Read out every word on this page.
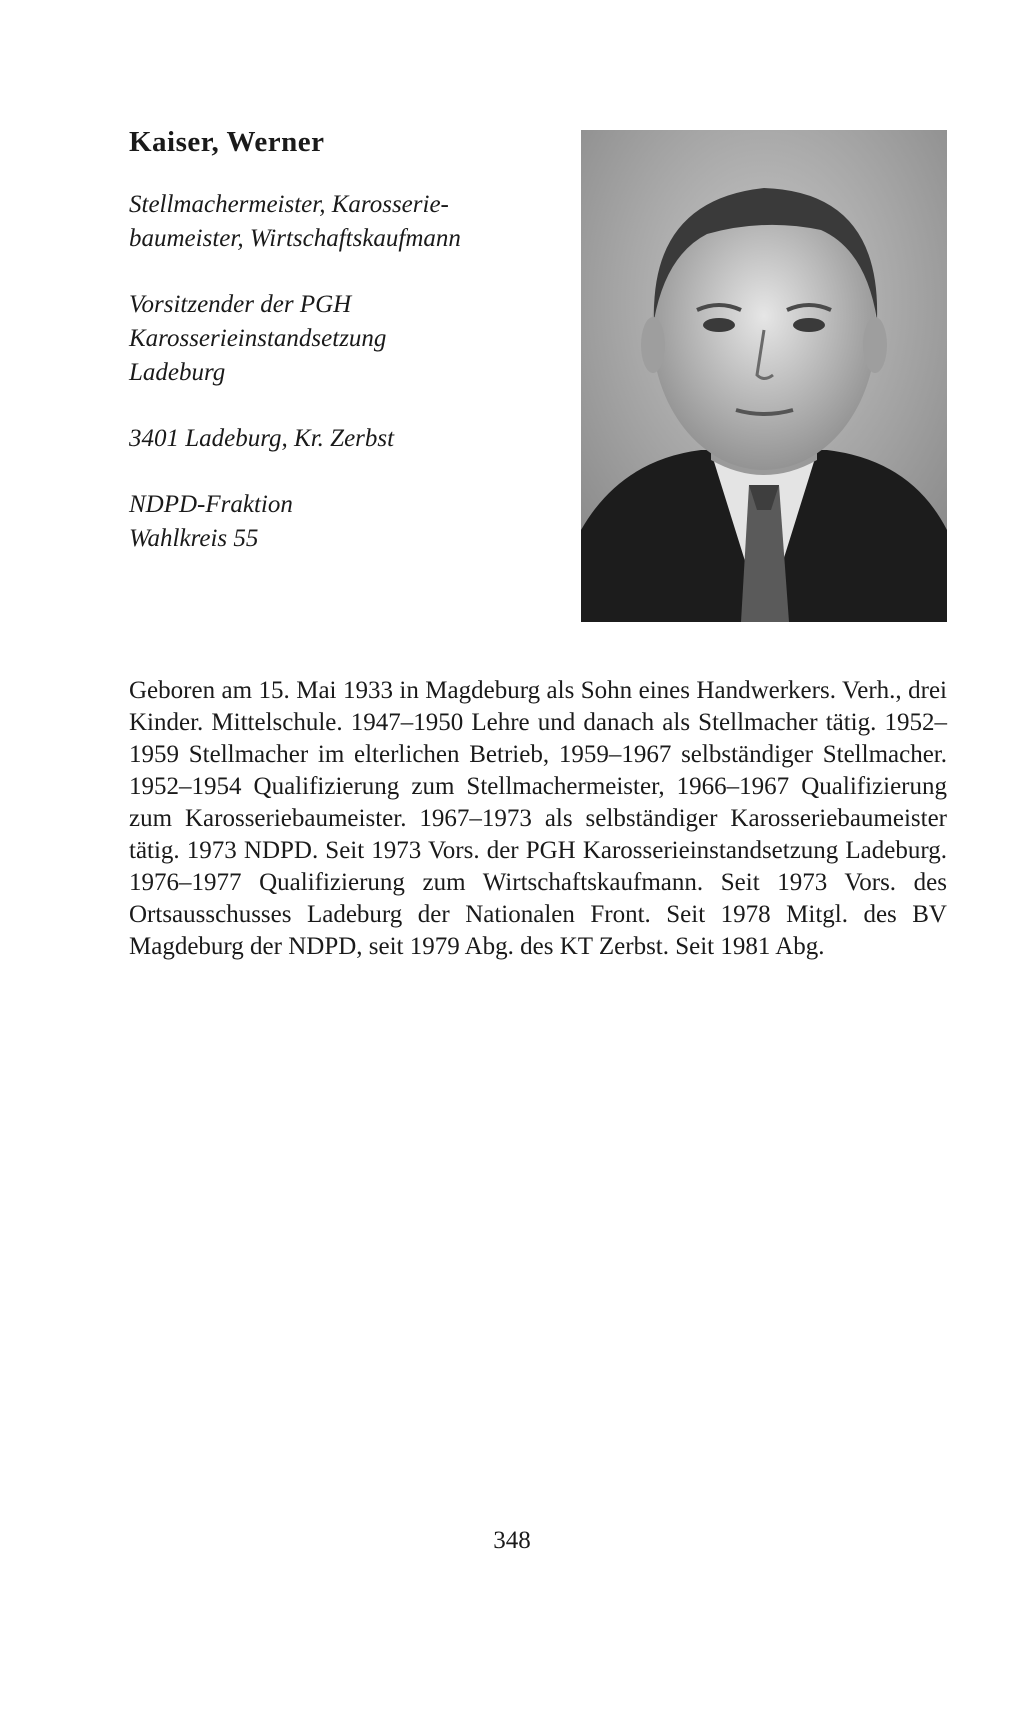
Kaiser, Werner

Stellmachermeister, Karosserie-
baumeister, Wirtschaftskaufmann

Vorsitzender der PGH
Karosserieinstandsetzung
Ladeburg

3401 Ladeburg, Kr. Zerbst

NDPD-Fraktion
Wahlkreis 55

Geboren am 15. Mai 1933 in Magdeburg als Sohn eines Handwerkers. Verh., drei Kinder. Mittelschule. 1947–1950 Lehre und danach als Stellmacher tätig. 1952–1959 Stellmacher im elterlichen Betrieb, 1959–1967 selbständiger Stellmacher. 1952–1954 Qualifizierung zum Stellmachermeister, 1966–1967 Qualifizierung zum Karosseriebaumeister. 1967–1973 als selbständiger Karosseriebaumeister tätig. 1973 NDPD. Seit 1973 Vors. der PGH Karosserieinstandsetzung Ladeburg. 1976–1977 Qualifizierung zum Wirtschaftskaufmann. Seit 1973 Vors. des Ortsausschusses Ladeburg der Nationalen Front. Seit 1978 Mitgl. des BV Magdeburg der NDPD, seit 1979 Abg. des KT Zerbst. Seit 1981 Abg.

348
